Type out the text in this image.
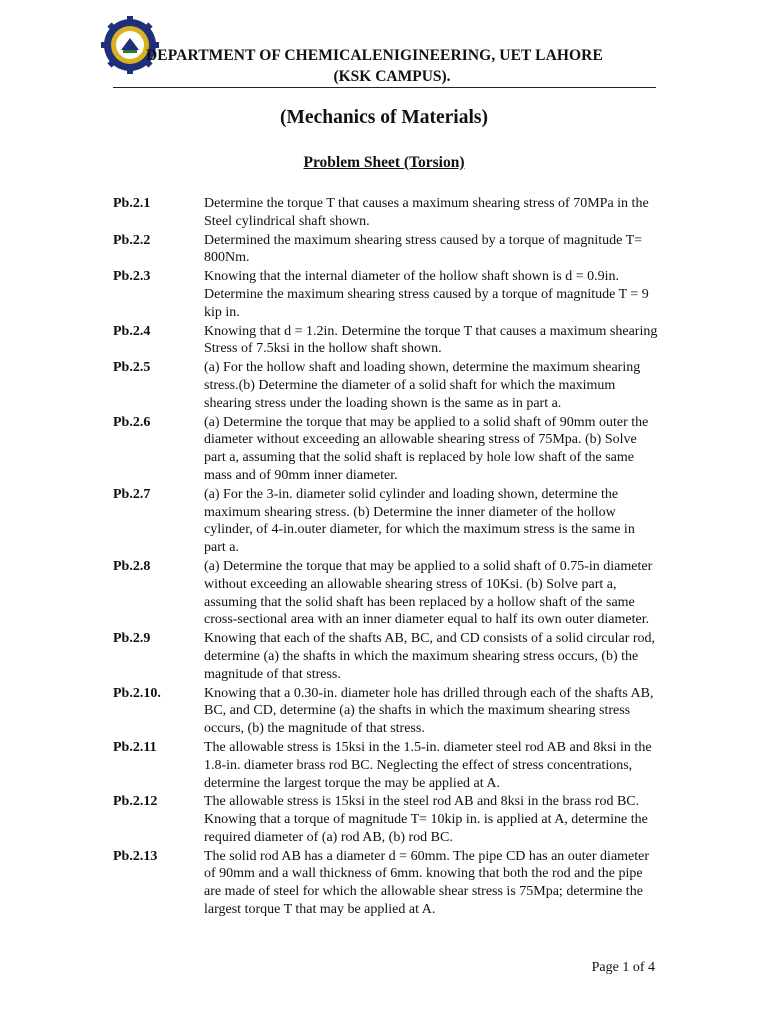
DEPARTMENT OF CHEMICALENIGINEERING, UET LAHORE
(KSK CAMPUS).
(Mechanics of Materials)
Problem Sheet (Torsion)
Pb.2.1	Determine the torque T that causes a maximum shearing stress of 70MPa in the Steel cylindrical shaft shown.
Pb.2.2	Determined the maximum shearing stress caused by a torque of magnitude T= 800Nm.
Pb.2.3	Knowing that the internal diameter of the hollow shaft shown is d = 0.9in. Determine the maximum shearing stress caused by a torque of magnitude T = 9 kip in.
Pb.2.4	Knowing that d = 1.2in. Determine the torque T that causes a maximum shearing Stress of 7.5ksi in the hollow shaft shown.
Pb.2.5	(a) For the hollow shaft and loading shown, determine the maximum shearing stress.(b) Determine the diameter of a solid shaft for which the maximum shearing stress under the loading shown is the same as in part a.
Pb.2.6	(a) Determine the torque that may be applied to a solid shaft of 90mm outer the diameter without exceeding an allowable shearing stress of 75Mpa. (b) Solve part a, assuming that the solid shaft is replaced by hole low shaft of the same mass and of 90mm inner diameter.
Pb.2.7	(a) For the 3-in. diameter solid cylinder and loading shown, determine the maximum shearing stress. (b) Determine the inner diameter of the hollow cylinder, of 4-in.outer diameter, for which the maximum stress is the same in part a.
Pb.2.8	(a) Determine the torque that may be applied to a solid shaft of 0.75-in diameter without exceeding an allowable shearing stress of 10Ksi. (b) Solve part a, assuming that the solid shaft has been replaced by a hollow shaft of the same cross-sectional area with an inner diameter equal to half its own outer diameter.
Pb.2.9	Knowing that each of the shafts AB, BC, and CD consists of a solid circular rod, determine (a) the shafts in which the maximum shearing stress occurs, (b) the magnitude of that stress.
Pb.2.10.	Knowing that a 0.30-in. diameter hole has drilled through each of the shafts AB, BC, and CD, determine (a) the shafts in which the maximum shearing stress occurs, (b) the magnitude of that stress.
Pb.2.11	The allowable stress is 15ksi in the 1.5-in. diameter steel rod AB and 8ksi in the 1.8-in. diameter brass rod BC. Neglecting the effect of stress concentrations, determine the largest torque the may be applied at A.
Pb.2.12	The allowable stress is 15ksi in the steel rod AB and 8ksi in the brass rod BC. Knowing that a torque of magnitude T= 10kip in. is applied at A, determine the required diameter of (a) rod AB, (b) rod BC.
Pb.2.13	The solid rod AB has a diameter d = 60mm. The pipe CD has an outer diameter of 90mm and a wall thickness of 6mm. knowing that both the rod and the pipe are made of steel for which the allowable shear stress is 75Mpa; determine the largest torque T that may be applied at A.
Page 1 of 4
